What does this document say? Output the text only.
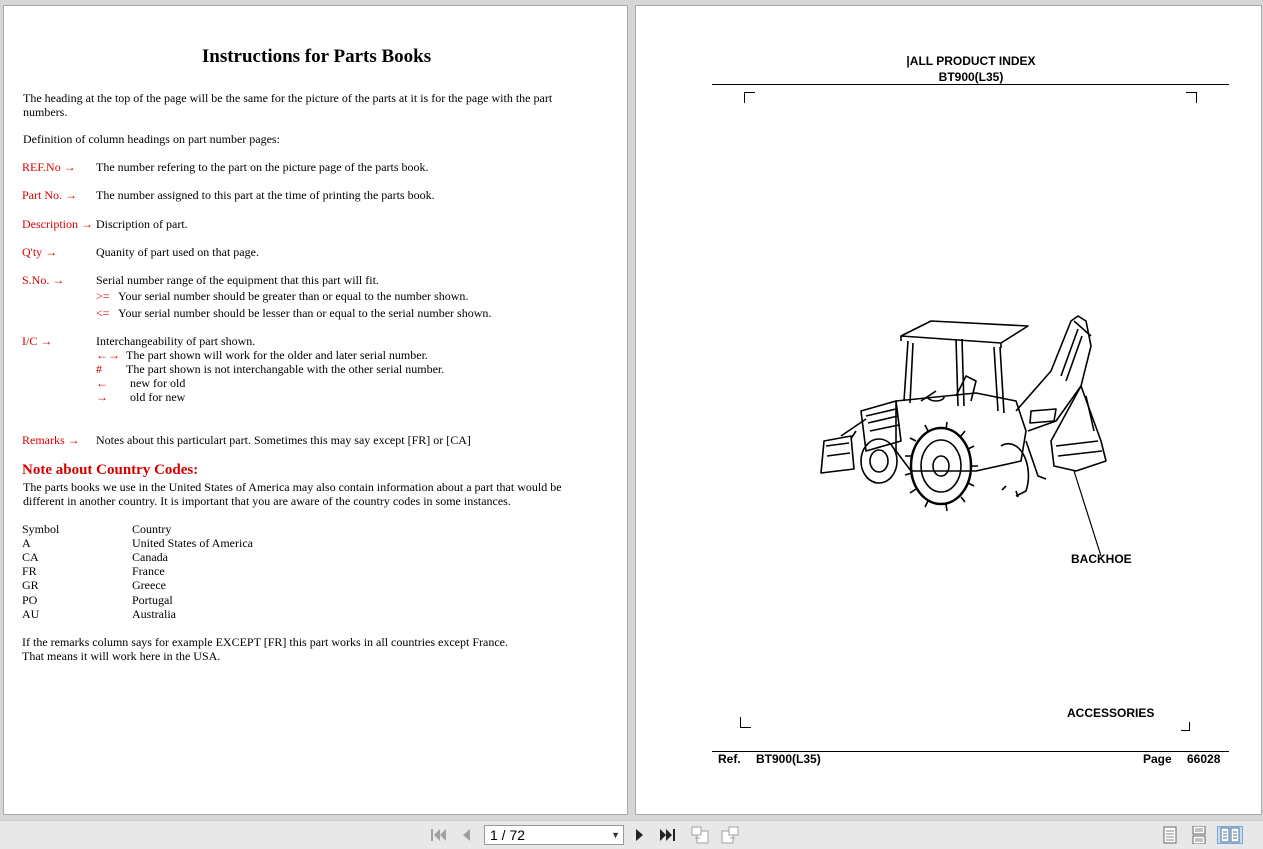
Instructions for Parts Books
The heading at the top of the page will be the same for the picture of the parts at it is for the page with the part numbers.
Definition of column headings on part number pages:
REF.No → The number refering to the part on the picture page of the parts book.
Part No. → The number assigned to this part at the time of printing the parts book.
Description → Discription of part.
Q'ty →	Quanity of part used on that page.
S.No. →	Serial number range of the equipment that this part will fit.
>= Your serial number should be greater than or equal to the number shown.
<= Your serial number should be lesser than or equal to the serial number shown.
I/C →	Interchangeability of part shown.
←→ The part shown will work for the older and later serial number.
# The part shown is not interchangable with the other serial number.
← new for old
→ old for new
Remarks → Notes about this particulart part. Sometimes this may say except [FR] or [CA]
Note about Country Codes:
The parts books we use in the United States of America may also contain information about a part that would be different in another country. It is important that you are aware of the country codes in some instances.
Symbol	Country
A	United States of America
CA	Canada
FR	France
GR	Greece
PO	Portugal
AU	Australia
If the remarks column says for example EXCEPT [FR] this part works in all countries except France.
That means it will work here in the USA.
|ALL PRODUCT INDEX
BT900(L35)
BACKHOE
ACCESSORIES
Ref. BT900(L35)	Page 66028
1 / 72	▼
